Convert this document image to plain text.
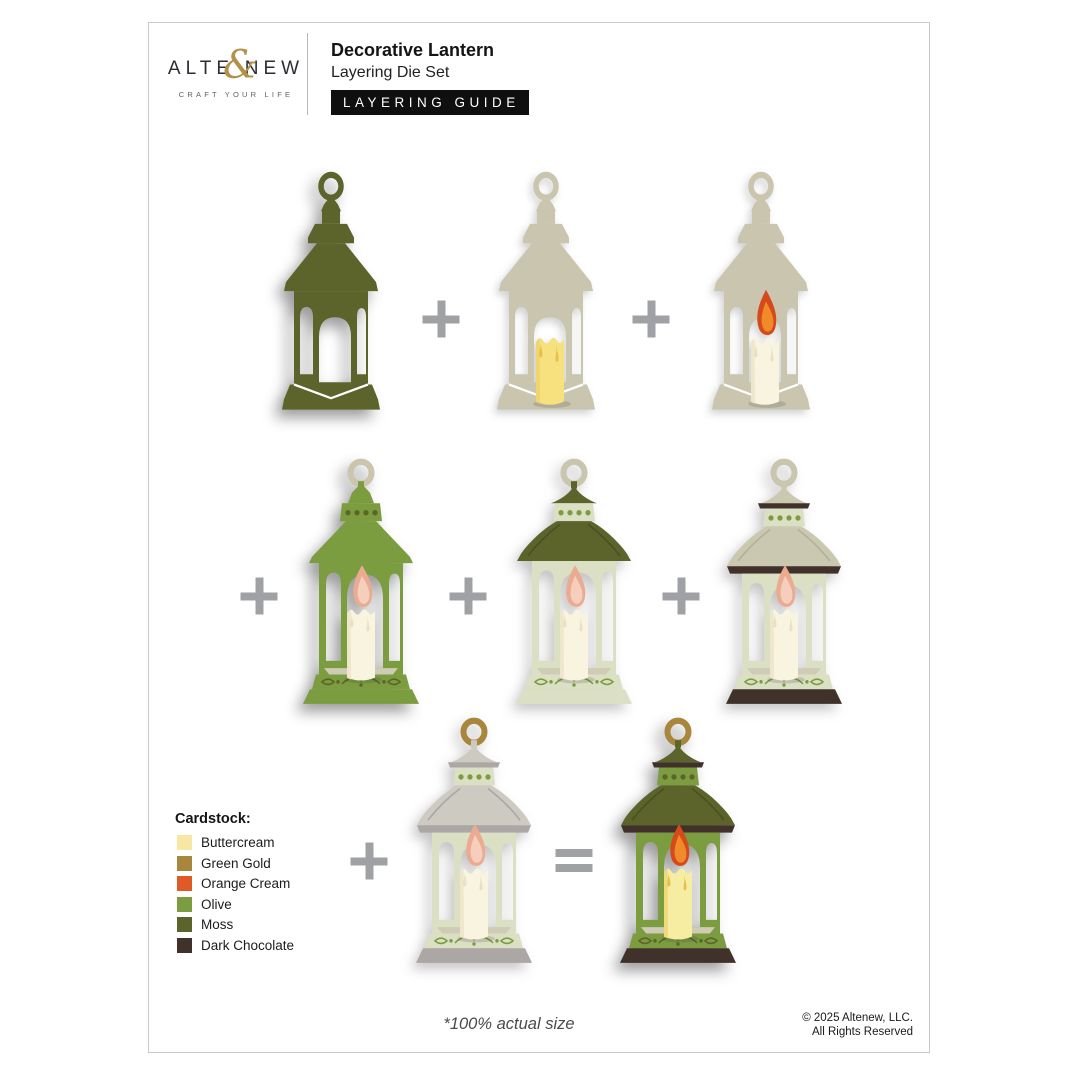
ALTE&NEW
CRAFT YOUR LIFE
Decorative Lantern
Layering Die Set
LAYERING GUIDE
Cardstock:
Buttercream
Green Gold
Orange Cream
Olive
Moss
Dark Chocolate
*100% actual size	© 2025 Altenew, LLC.
All Rights Reserved
